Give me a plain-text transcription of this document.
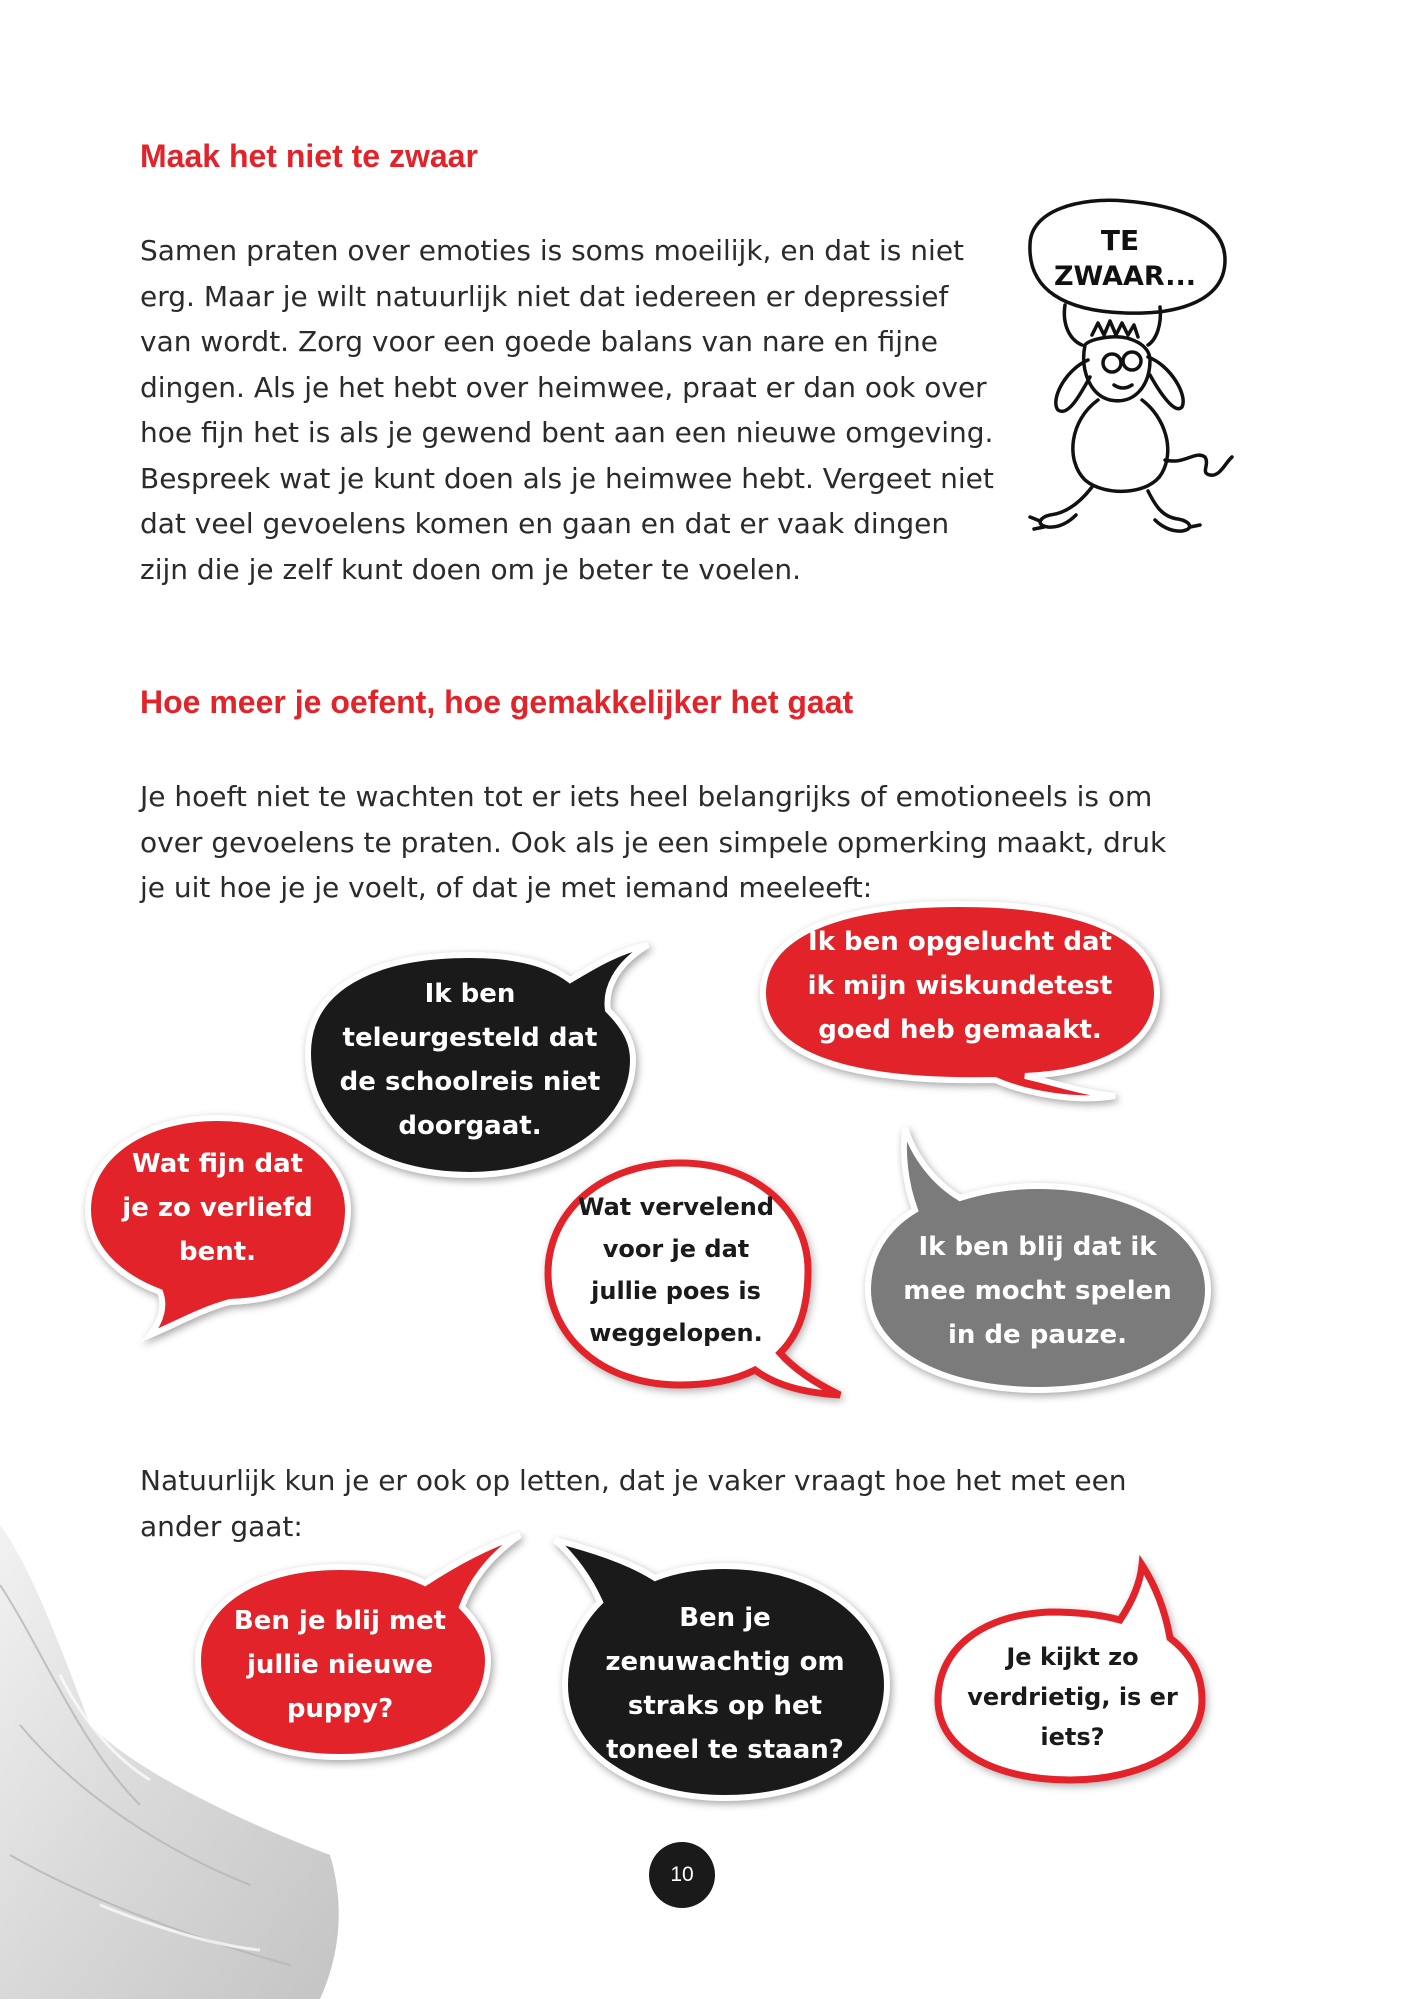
Maak het niet te zwaar
Samen praten over emoties is soms moeilijk, en dat is niet
erg. Maar je wilt natuurlijk niet dat iedereen er depressief
van wordt. Zorg voor een goede balans van nare en fijne
dingen. Als je het hebt over heimwee, praat er dan ook over
hoe fijn het is als je gewend bent aan een nieuwe omgeving.
Bespreek wat je kunt doen als je heimwee hebt. Vergeet niet
dat veel gevoelens komen en gaan en dat er vaak dingen
zijn die je zelf kunt doen om je beter te voelen.
TE
ZWAAR...
Hoe meer je oefent, hoe gemakkelijker het gaat
Je hoeft niet te wachten tot er iets heel belangrijks of emotioneels is om
over gevoelens te praten. Ook als je een simpele opmerking maakt, druk
je uit hoe je je voelt, of dat je met iemand meeleeft:
Ik ben
teleurgesteld dat
de schoolreis niet
doorgaat.
Ik ben opgelucht dat
ik mijn wiskundetest
goed heb gemaakt.
Wat fijn dat
je zo verliefd
bent.
Wat vervelend
voor je dat
jullie poes is
weggelopen.
Ik ben blij dat ik
mee mocht spelen
in de pauze.
Natuurlijk kun je er ook op letten, dat je vaker vraagt hoe het met een
ander gaat:
Ben je blij met
jullie nieuwe
puppy?
Ben je
zenuwachtig om
straks op het
toneel te staan?
Je kijkt zo
verdrietig, is er
iets?
10
